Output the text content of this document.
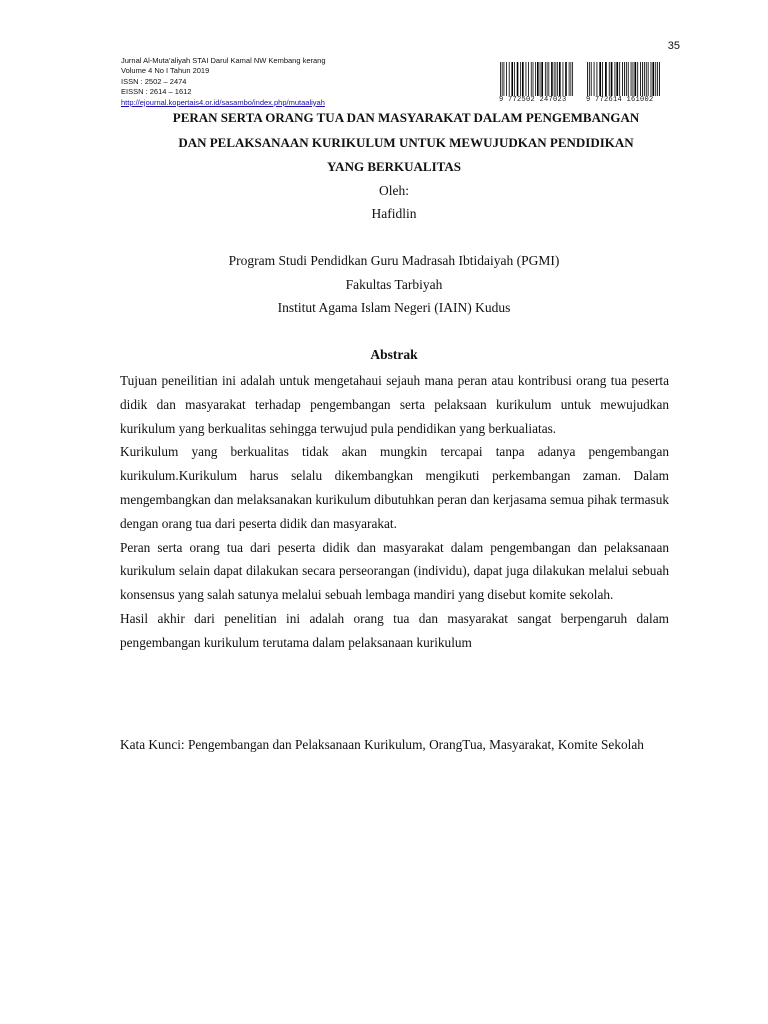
35
Jurnal Al-Muta’aliyah STAI Darul Kamal NW Kembang kerang
Volume 4 No I Tahun 2019
ISSN : 2502 – 2474
EISSN : 2614 – 1612
http://ejournal.kopertais4.or.id/sasambo/index.php/mutaaliyah	9 772502 247023	9 772614 161002
PERAN SERTA ORANG TUA DAN MASYARAKAT DALAM PENGEMBANGAN
DAN PELAKSANAAN KURIKULUM UNTUK MEWUJUDKAN PENDIDIKAN
YANG BERKUALITAS
Oleh:
Hafidlin
Program Studi Pendidkan Guru Madrasah Ibtidaiyah (PGMI)
Fakultas Tarbiyah
Institut Agama Islam Negeri (IAIN) Kudus
Abstrak

Tujuan peneilitian ini adalah untuk mengetahaui sejauh mana peran atau kontribusi orang tua peserta didik dan masyarakat terhadap pengembangan serta pelaksaan kurikulum untuk mewujudkan kurikulum yang berkualitas sehingga terwujud pula pendidikan yang berkualiatas.

Kurikulum yang berkualitas tidak akan mungkin tercapai tanpa adanya pengembangan kurikulum.Kurikulum harus selalu dikembangkan mengikuti perkembangan zaman. Dalam mengembangkan dan melaksanakan kurikulum dibutuhkan peran dan kerjasama semua pihak termasuk dengan orang tua dari peserta didik dan masyarakat.

Peran serta orang tua dari peserta didik dan masyarakat dalam pengembangan dan pelaksanaan kurikulum selain dapat dilakukan secara perseorangan (individu), dapat juga dilakukan melalui sebuah konsensus yang salah satunya melalui sebuah lembaga mandiri yang disebut komite sekolah.

Hasil akhir dari penelitian ini adalah orang tua dan masyarakat sangat berpengaruh dalam pengembangan kurikulum terutama dalam pelaksanaan kurikulum

Kata Kunci: Pengembangan dan Pelaksanaan Kurikulum, OrangTua, Masyarakat, Komite Sekolah
